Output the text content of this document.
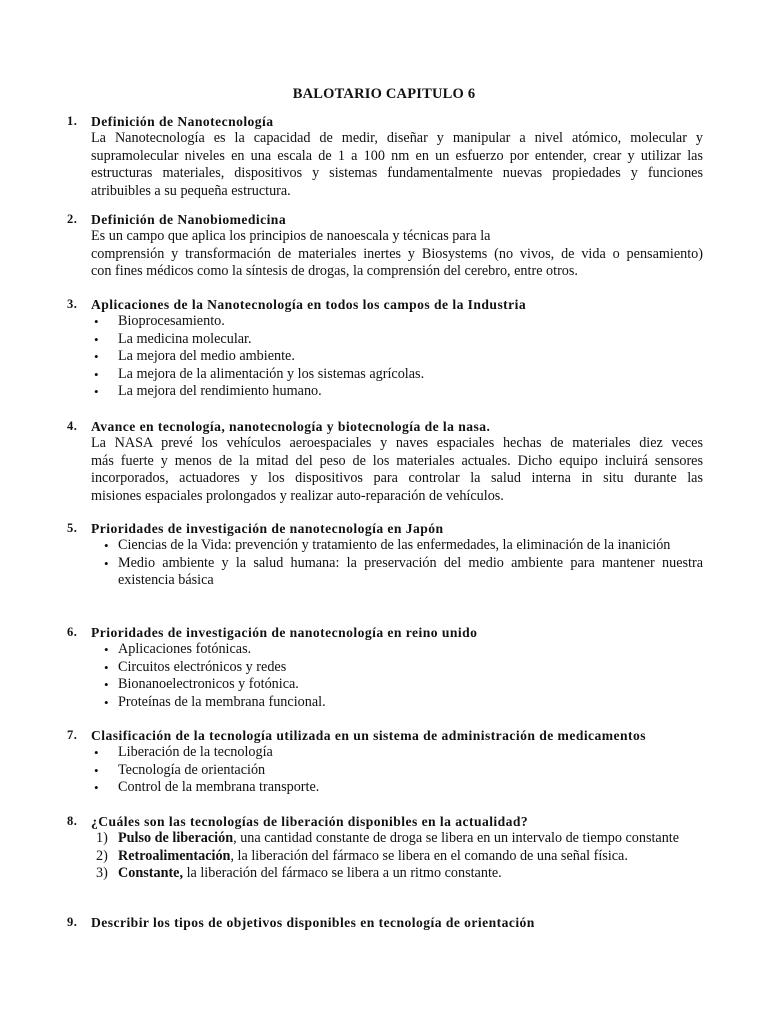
BALOTARIO CAPITULO 6
1. Definición de Nanotecnología
La Nanotecnología es la capacidad de medir, diseñar y manipular a nivel atómico, molecular y
supramolecular niveles en una escala de 1 a 100 nm en un esfuerzo por entender, crear y utilizar las
estructuras materiales, dispositivos y sistemas fundamentalmente nuevas propiedades y funciones
atribuibles a su pequeña estructura.
2. Definición de Nanobiomedicina
Es un campo que aplica los principios de nanoescala y técnicas para la
comprensión y transformación de materiales inertes y Biosystems (no vivos, de vida o pensamiento)
con fines médicos como la síntesis de drogas, la comprensión del cerebro, entre otros.
3. Aplicaciones de la Nanotecnología en todos los campos de la Industria
• Bioprocesamiento.
• La medicina molecular.
• La mejora del medio ambiente.
• La mejora de la alimentación y los sistemas agrícolas.
• La mejora del rendimiento humano.
4. Avance en tecnología, nanotecnología y biotecnología de la nasa.
La NASA prevé los vehículos aeroespaciales y naves espaciales hechas de materiales diez veces
más fuerte y menos de la mitad del peso de los materiales actuales. Dicho equipo incluirá sensores
incorporados, actuadores y los dispositivos para controlar la salud interna in situ durante las
misiones espaciales prolongados y realizar auto-reparación de vehículos.
5. Prioridades de investigación de nanotecnología en Japón
• Ciencias de la Vida: prevención y tratamiento de las enfermedades, la eliminación de la inanición
• Medio ambiente y la salud humana: la preservación del medio ambiente para mantener nuestra existencia básica
6. Prioridades de investigación de nanotecnología en reino unido
• Aplicaciones fotónicas.
• Circuitos electrónicos y redes
• Bionanoelectronicos y fotónica.
• Proteínas de la membrana funcional.
7. Clasificación de la tecnología utilizada en un sistema de administración de medicamentos
• Liberación de la tecnología
• Tecnología de orientación
• Control de la membrana transporte.
8. ¿Cuáles son las tecnologías de liberación disponibles en la actualidad?
1) Pulso de liberación, una cantidad constante de droga se libera en un intervalo de tiempo constante
2) Retroalimentación, la liberación del fármaco se libera en el comando de una señal física.
3) Constante, la liberación del fármaco se libera a un ritmo constante.
9. Describir los tipos de objetivos disponibles en tecnología de orientación
